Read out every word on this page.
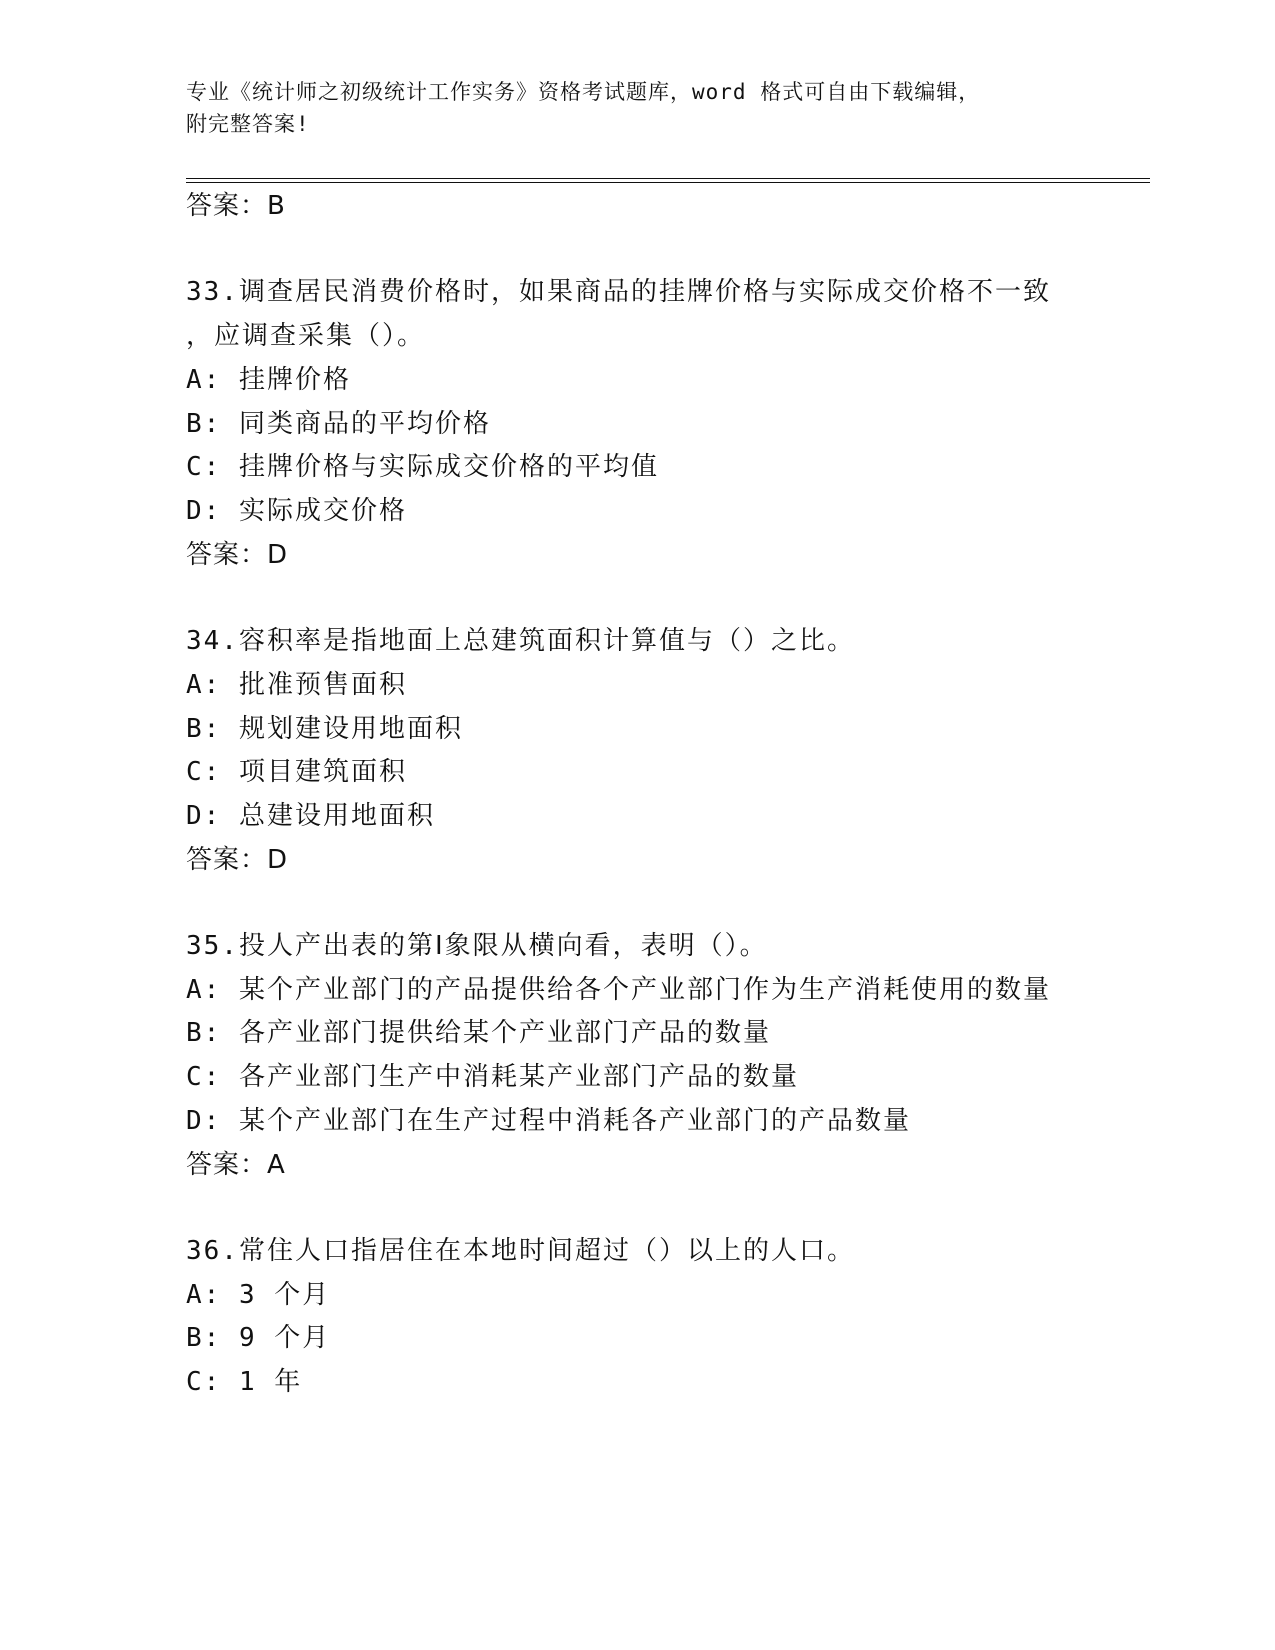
专业《统计师之初级统计工作实务》资格考试题库，word 格式可自由下载编辑，
附完整答案!
答案：B
33.调查居民消费价格时，如果商品的挂牌价格与实际成交价格不一致
，应调查采集（）。
A: 挂牌价格
B: 同类商品的平均价格
C: 挂牌价格与实际成交价格的平均值
D: 实际成交价格
答案：D
34.容积率是指地面上总建筑面积计算值与（）之比。
A: 批准预售面积
B: 规划建设用地面积
C: 项目建筑面积
D: 总建设用地面积
答案：D
35.投人产出表的第Ⅰ象限从横向看，表明（）。
A: 某个产业部门的产品提供给各个产业部门作为生产消耗使用的数量
B: 各产业部门提供给某个产业部门产品的数量
C: 各产业部门生产中消耗某产业部门产品的数量
D: 某个产业部门在生产过程中消耗各产业部门的产品数量
答案：A
36.常住人口指居住在本地时间超过（）以上的人口。
A: 3 个月
B: 9 个月
C: 1 年
